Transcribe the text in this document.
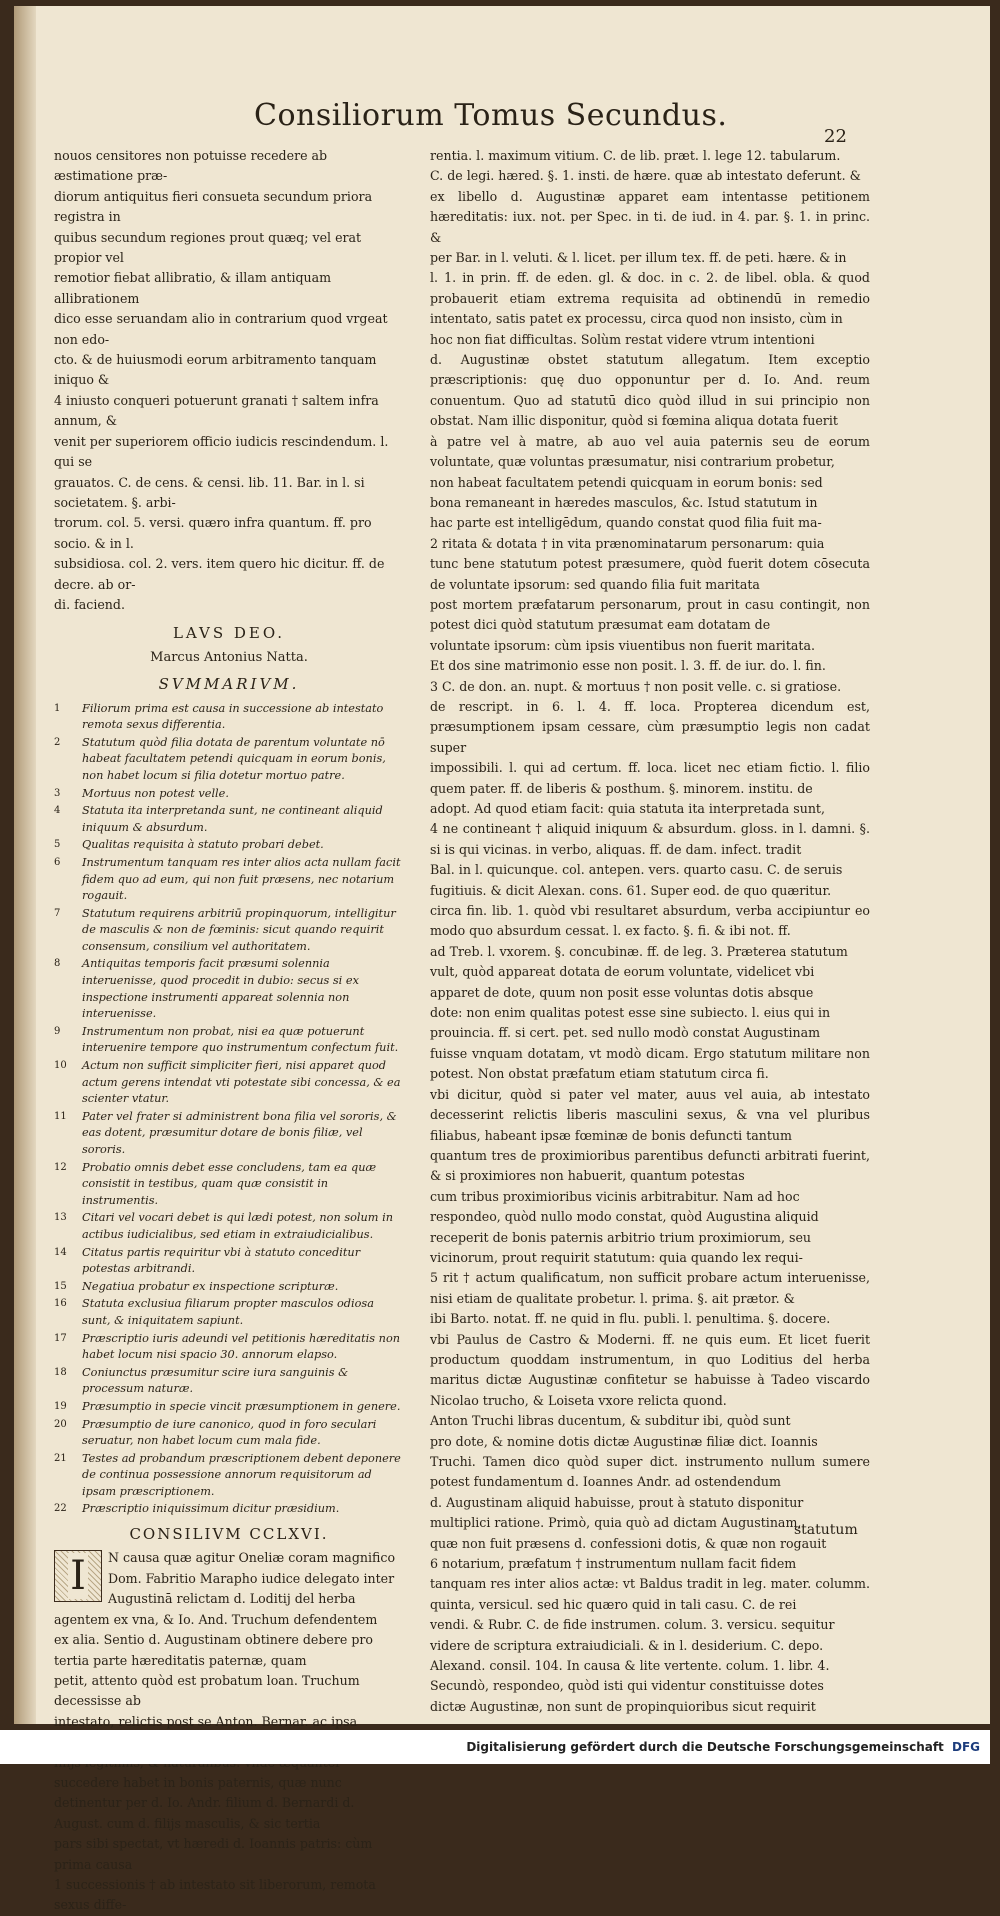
Consiliorum Tomus Secundus.
22

nouos censitores non potuisse recedere ab æstimatione præ-

diorum antiquitus fieri consueta secundum priora registra in

quibus secundum regiones prout quæq; vel erat propior vel

remotior fiebat allibratio, & illam antiquam allibrationem

dico esse seruandam alio in contrarium quod vrgeat non edo-

cto. & de huiusmodi eorum arbitramento tanquam iniquo &

4 iniusto conqueri potuerunt granati † saltem infra annum, &

venit per superiorem officio iudicis rescindendum. l. qui se

grauatos. C. de cens. & censi. lib. 11. Bar. in l. si societatem. §. arbi-

trorum. col. 5. versi. quæro infra quantum. ff. pro socio. & in l.

subsidiosa. col. 2. vers. item quero hic dicitur. ff. de decre. ab or-

di. faciend.

LAVS DEO.

Marcus Antonius Natta.

SVMMARIVM.

1	Filiorum prima est causa in successione ab intestato remota sexus differentia.
2	Statutum quòd filia dotata de parentum voluntate nō habeat facultatem petendi quicquam in eorum bonis, non habet locum si filia dotetur mortuo patre.
3	Mortuus non potest velle.
4	Statuta ita interpretanda sunt, ne contineant aliquid iniquum & absurdum.
5	Qualitas requisita à statuto probari debet.
6	Instrumentum tanquam res inter alios acta nullam facit fidem quo ad eum, qui non fuit præsens, nec notarium rogauit.
7	Statutum requirens arbitriū propinquorum, intelligitur de masculis & non de fœminis: sicut quando requirit consensum, consilium vel authoritatem.
8	Antiquitas temporis facit præsumi solennia interuenisse, quod procedit in dubio: secus si ex inspectione instrumenti appareat solennia non interuenisse.
9	Instrumentum non probat, nisi ea quæ potuerunt interuenire tempore quo instrumentum confectum fuit.
10	Actum non sufficit simpliciter fieri, nisi apparet quod actum gerens intendat vti potestate sibi concessa, & ea scienter vtatur.
11	Pater vel frater si administrent bona filia vel sororis, & eas dotent, præsumitur dotare de bonis filiæ, vel sororis.
12	Probatio omnis debet esse concludens, tam ea quæ consistit in testibus, quam quæ consistit in instrumentis.
13	Citari vel vocari debet is qui lædi potest, non solum in actibus iudicialibus, sed etiam in extraiudicialibus.
14	Citatus partis requiritur vbi à statuto conceditur potestas arbitrandi.
15	Negatiua probatur ex inspectione scripturæ.
16	Statuta exclusiua filiarum propter masculos odiosa sunt, & iniquitatem sapiunt.
17	Præscriptio iuris adeundi vel petitionis hæreditatis non habet locum nisi spacio 30. annorum elapso.
18	Coniunctus præsumitur scire iura sanguinis & processum naturæ.
19	Præsumptio in specie vincit præsumptionem in genere.
20	Præsumptio de iure canonico, quod in foro seculari seruatur, non habet locum cum mala fide.
21	Testes ad probandum præscriptionem debent deponere de continua possessione annorum requisitorum ad ipsam præscriptionem.
22	Præscriptio iniquissimum dicitur præsidium.

CONSILIVM CCLXVI.

I	N causa quæ agitur Oneliæ coram magnifico

Dom. Fabritio Marapho iudice delegato inter

Augustinā relictam d. Loditij del herba agentem ex vna, & Io. And. Truchum defendentem

ex alia. Sentio d. Augustinam obtinere debere pro tertia parte hæreditatis paternæ, quam

petit, attento quòd est probatum loan. Truchum decessisse ab

intestato, relictis post se Anton. Bernar. ac ipsa

succedere habet in bonis paternis, quæ nunc detinentur per d. Io. Andr. filium d. Bernardi d. August. cum d. filijs masculis, & sic tertia

pars sibi spectat, vt hæredi d. Ioannis patris: cùm prima causa

1 successionis † ab intestato sit liberorum, remota sexus diffe-

rentia. l. maximum vitium. C. de lib. præt. l. lege 12. tabularum.

C. de legi. hæred. §. 1. insti. de hære. quæ ab intestato deferunt. &

ex libello d. Augustinæ apparet eam intentasse petitionem hæreditatis: iux. not. per Spec. in ti. de iud. in 4. par. §. 1. in princ. &

per Bar. in l. veluti. & l. licet. per illum tex. ff. de peti. hære. & in

l. 1. in prin. ff. de eden. gl. & doc. in c. 2. de libel. obla. & quod probauerit etiam extrema requisita ad obtinendū in remedio intentato, satis patet ex processu, circa quod non insisto, cùm in

hoc non fiat difficultas. Solùm restat videre vtrum intentioni

d. Augustinæ obstet statutum allegatum. Item exceptio præscriptionis: quę duo opponuntur per d. Io. And. reum conuentum. Quo ad statutū dico quòd illud in sui principio non obstat. Nam illic disponitur, quòd si fœmina aliqua dotata fuerit

à patre vel à matre, ab auo vel auia paternis seu de eorum voluntate, quæ voluntas præsumatur, nisi contrarium probetur,

non habeat facultatem petendi quicquam in eorum bonis: sed

bona remaneant in hæredes masculos, &c. Istud statutum in

hac parte est intelligēdum, quando constat quod filia fuit ma-

2 ritata & dotata † in vita prænominatarum personarum: quia

tunc bene statutum potest præsumere, quòd fuerit dotem cōsecuta de voluntate ipsorum: sed quando filia fuit maritata

post mortem præfatarum personarum, prout in casu contingit, non potest dici quòd statutum præsumat eam dotatam de

voluntate ipsorum: cùm ipsis viuentibus non fuerit maritata.

Et dos sine matrimonio esse non posit. l. 3. ff. de iur. do. l. fin.

3 C. de don. an. nupt. & mortuus † non posit velle. c. si gratiose.

de rescript. in 6. l. 4. ff. loca. Propterea dicendum est, præsumptionem ipsam cessare, cùm præsumptio legis non cadat super

impossibili. l. qui ad certum. ff. loca. licet nec etiam fictio. l. filio quem pater. ff. de liberis & posthum. §. minorem. institu. de

adopt. Ad quod etiam facit: quia statuta ita interpretada sunt,

4 ne contineant † aliquid iniquum & absurdum. gloss. in l. damni. §. si is qui vicinas. in verbo, aliquas. ff. de dam. infect. tradit

Bal. in l. quicunque. col. antepen. vers. quarto casu. C. de seruis

fugitiuis. & dicit Alexan. cons. 61. Super eod. de quo quæritur.

circa fin. lib. 1. quòd vbi resultaret absurdum, verba accipiuntur eo modo quo absurdum cessat. l. ex facto. §. fi. & ibi not. ff.

ad Treb. l. vxorem. §. concubinæ. ff. de leg. 3. Præterea statutum

vult, quòd appareat dotata de eorum voluntate, videlicet vbi

apparet de dote, quum non posit esse voluntas dotis absque

dote: non enim qualitas potest esse sine subiecto. l. eius qui in

prouincia. ff. si cert. pet. sed nullo modò constat Augustinam

fuisse vnquam dotatam, vt modò dicam. Ergo statutum militare non potest. Non obstat præfatum etiam statutum circa fi.

vbi dicitur, quòd si pater vel mater, auus vel auia, ab intestato decesserint relictis liberis masculini sexus, & vna vel pluribus filiabus, habeant ipsæ fœminæ de bonis defuncti tantum

quantum tres de proximioribus parentibus defuncti arbitrati fuerint, & si proximiores non habuerit, quantum potestas

cum tribus proximioribus vicinis arbitrabitur. Nam ad hoc

respondeo, quòd nullo modo constat, quòd Augustina aliquid

receperit de bonis paternis arbitrio trium proximiorum, seu

vicinorum, prout requirit statutum: quia quando lex requi-

5 rit † actum qualificatum, non sufficit probare actum interuenisse, nisi etiam de qualitate probetur. l. prima. §. ait prætor. &

ibi Barto. notat. ff. ne quid in flu. publi. l. penultima. §. docere.

vbi Paulus de Castro & Moderni. ff. ne quis eum. Et licet fuerit productum quoddam instrumentum, in quo Loditius del herba maritus dictæ Augustinæ confitetur se habuisse à Tadeo viscardo Nicolao trucho, & Loiseta vxore relicta quond.

Anton Truchi libras ducentum, & subditur ibi, quòd sunt

pro dote, & nomine dotis dictæ Augustinæ filiæ dict. Ioannis

Truchi. Tamen dico quòd super dict. instrumento nullum sumere potest fundamentum d. Ioannes Andr. ad ostendendum

d. Augustinam aliquid habuisse, prout à statuto disponitur

multiplici ratione. Primò, quia quò ad dictam Augustinam,

quæ non fuit præsens d. confessioni dotis, & quæ non rogauit

6 notarium, præfatum † instrumentum nullam facit fidem

tanquam res inter alios actæ: vt Baldus tradit in leg. mater. columm. quinta, versicul. sed hic quæro quid in tali casu. C. de rei

vendi. & Rubr. C. de fide instrumen. colum. 3. versicu. sequitur

videre de scriptura extraiudiciali. & in l. desiderium. C. depo.

Alexand. consil. 104. In causa & lite vertente. colum. 1. libr. 4.

Secundò, respondeo, quòd isti qui videntur constituisse dotes

dictæ Augustinæ, non sunt de propinquioribus sicut requirit

statutum
Digitalisierung gefördert durch die Deutsche Forschungsgemeinschaft DFG
